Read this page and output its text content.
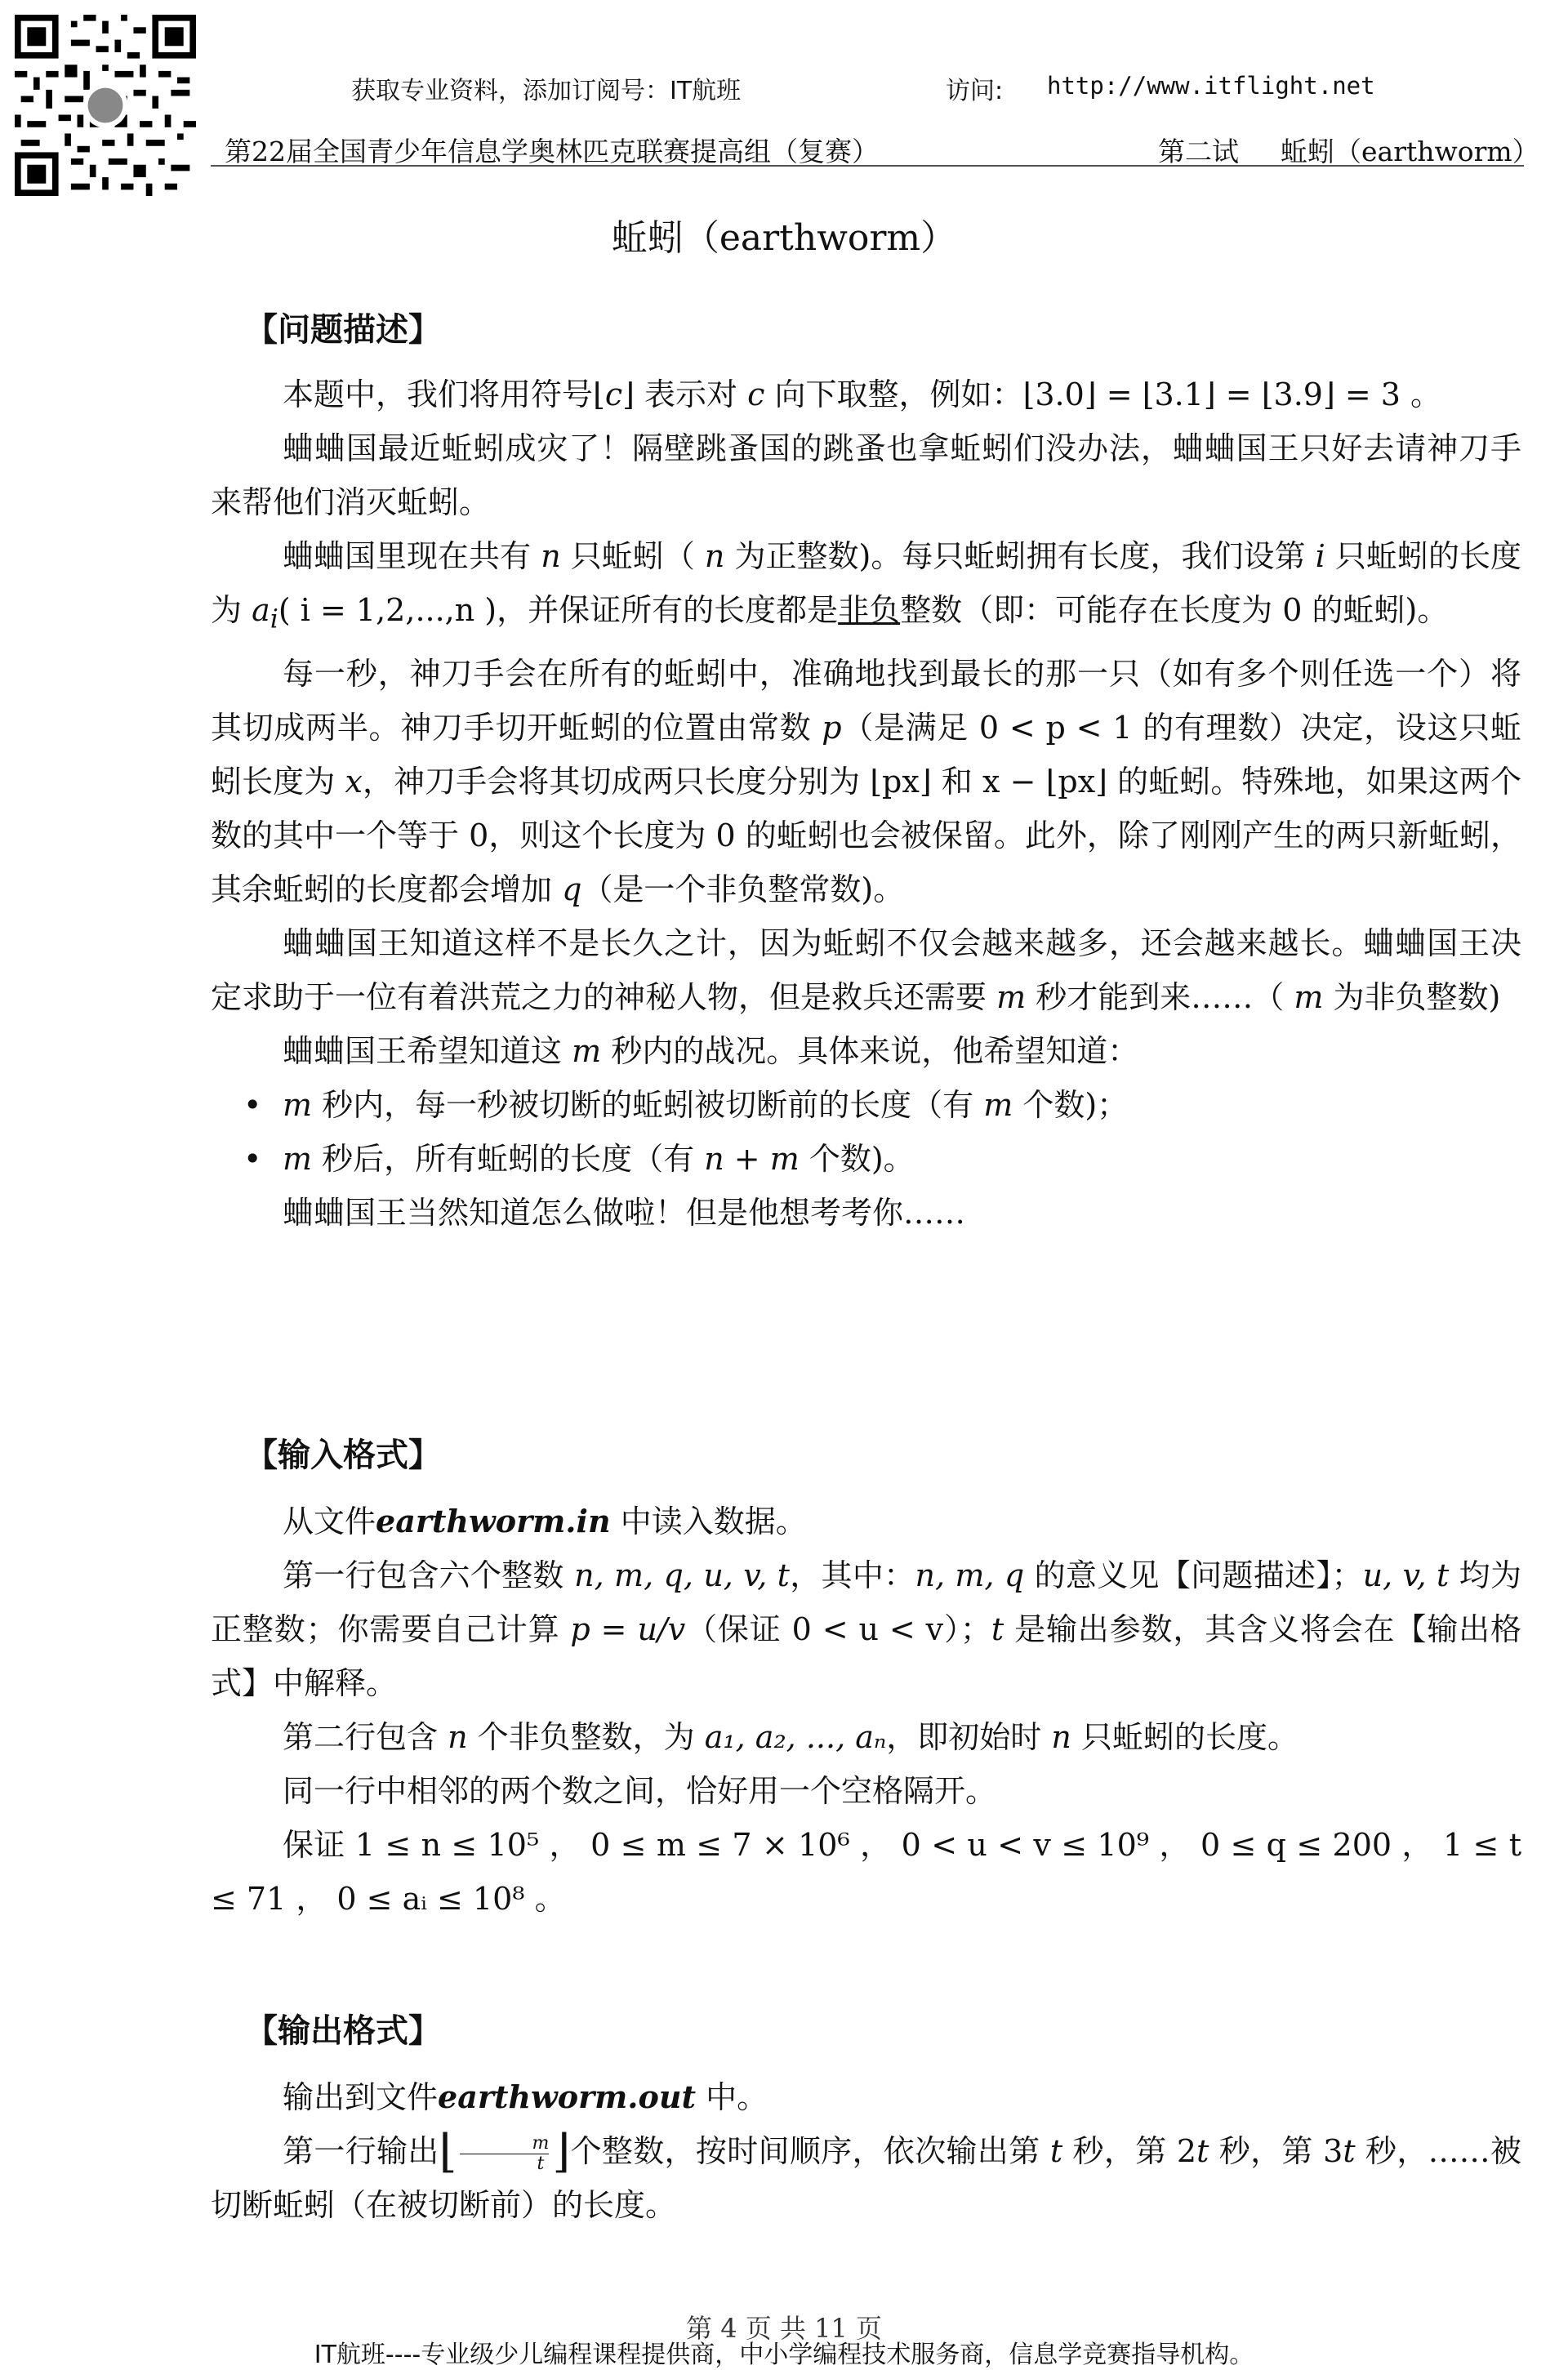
获取专业资料，添加订阅号：IT航班	访问: http://www.itflight.net
第22届全国青少年信息学奥林匹克联赛提高组（复赛）	第二试 蚯蚓（earthworm）
蚯蚓（earthworm）
【问题描述】

本题中，我们将用符号⌊c⌋ 表示对 c 向下取整，例如：⌊3.0⌋ = ⌊3.1⌋ = ⌊3.9⌋ = 3 。

蛐蛐国最近蚯蚓成灾了！隔壁跳蚤国的跳蚤也拿蚯蚓们没办法，蛐蛐国王只好去请神刀手来帮他们消灭蚯蚓。

蛐蛐国里现在共有 n 只蚯蚓（ n 为正整数)。每只蚯蚓拥有长度，我们设第 i 只蚯蚓的长度为 $a_i$( i = 1,2,...,n )，并保证所有的长度都是非负整数（即：可能存在长度为 0 的蚯蚓)。

每一秒，神刀手会在所有的蚯蚓中，准确地找到最长的那一只（如有多个则任选一个）将其切成两半。神刀手切开蚯蚓的位置由常数 p（是满足 0 < p < 1 的有理数）决定，设这只蚯蚓长度为 x，神刀手会将其切成两只长度分别为 ⌊px⌋ 和 x − ⌊px⌋ 的蚯蚓。特殊地，如果这两个数的其中一个等于 0，则这个长度为 0 的蚯蚓也会被保留。此外，除了刚刚产生的两只新蚯蚓，其余蚯蚓的长度都会增加 q（是一个非负整常数)。

蛐蛐国王知道这样不是长久之计，因为蚯蚓不仅会越来越多，还会越来越长。蛐蛐国王决定求助于一位有着洪荒之力的神秘人物，但是救兵还需要 m 秒才能到来……（ m 为非负整数)

蛐蛐国王希望知道这 m 秒内的战况。具体来说，他希望知道：

• m 秒内，每一秒被切断的蚯蚓被切断前的长度（有 m 个数)；
• m 秒后，所有蚯蚓的长度（有 n + m 个数)。

蛐蛐国王当然知道怎么做啦！但是他想考考你……

【输入格式】

从文件earthworm.in 中读入数据。

第一行包含六个整数 n, m, q, u, v, t，其中：n, m, q 的意义见【问题描述】；u, v, t 均为正整数；你需要自己计算 p = u/v（保证 0 < u < v）；t 是输出参数，其含义将会在【输出格式】中解释。

第二行包含 n 个非负整数，为 a₁, a₂, ..., aₙ，即初始时 n 只蚯蚓的长度。

同一行中相邻的两个数之间，恰好用一个空格隔开。

保证 1 ≤ n ≤ 10⁵ ， 0 ≤ m ≤ 7 × 10⁶ ， 0 < u < v ≤ 10⁹ ， 0 ≤ q ≤ 200 ， 1 ≤ t ≤ 71 ， 0 ≤ aᵢ ≤ 10⁸ 。

【输出格式】

输出到文件earthworm.out 中。

第一行输出⌊ $\frac{m}{t}$ ⌋个整数，按时间顺序，依次输出第 t 秒，第 2t 秒，第 3t 秒，……被切断蚯蚓（在被切断前）的长度。

第 4 页 共 11 页
IT航班----专业级少儿编程课程提供商，中小学编程技术服务商，信息学竞赛指导机构。
